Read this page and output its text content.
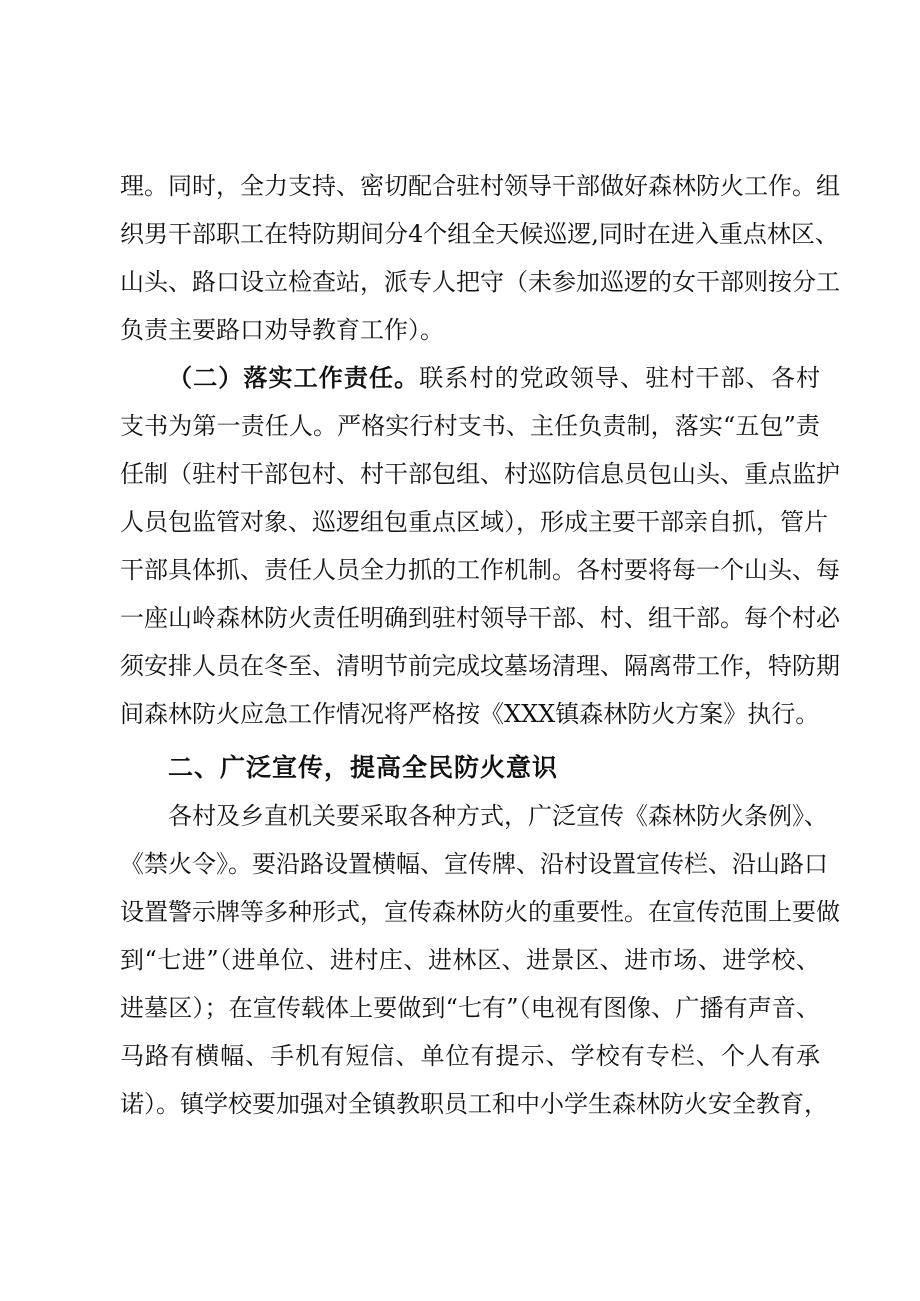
理。同时，全力支持、密切配合驻村领导干部做好森林防火工作。组
织男干部职工在特防期间分4个组全天候巡逻,同时在进入重点林区、
山头、路口设立检查站，派专人把守（未参加巡逻的女干部则按分工
负责主要路口劝导教育工作）。
（二）落实工作责任。联系村的党政领导、驻村干部、各村
支书为第一责任人。严格实行村支书、主任负责制，落实“五包”责
任制（驻村干部包村、村干部包组、村巡防信息员包山头、重点监护
人员包监管对象、巡逻组包重点区域），形成主要干部亲自抓，管片
干部具体抓、责任人员全力抓的工作机制。各村要将每一个山头、每
一座山岭森林防火责任明确到驻村领导干部、村、组干部。每个村必
须安排人员在冬至、清明节前完成坟墓场清理、隔离带工作，特防期
间森林防火应急工作情况将严格按《XXX镇森林防火方案》执行。
二、广泛宣传，提高全民防火意识
各村及乡直机关要采取各种方式，广泛宣传《森林防火条例》、
《禁火令》。要沿路设置横幅、宣传牌、沿村设置宣传栏、沿山路口
设置警示牌等多种形式，宣传森林防火的重要性。在宣传范围上要做
到“七进”（进单位、进村庄、进林区、进景区、进市场、进学校、
进墓区）；在宣传载体上要做到“七有”（电视有图像、广播有声音、
马路有横幅、手机有短信、单位有提示、学校有专栏、个人有承
诺）。镇学校要加强对全镇教职员工和中小学生森林防火安全教育，
